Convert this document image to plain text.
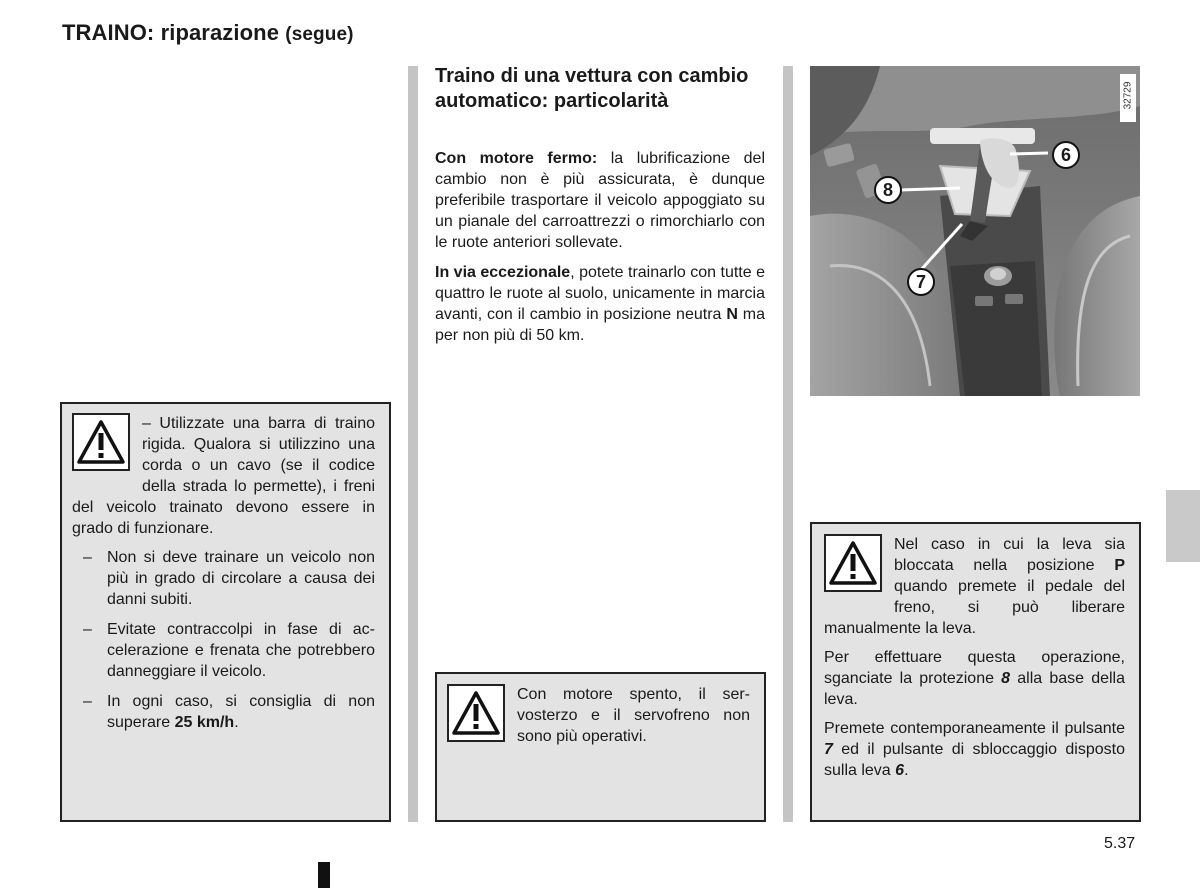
TRAINO: riparazione (segue)

– Utilizzate una barra di traino rigida. Qualora si utilizzino una corda o un cavo (se il codice della strada lo permette), i freni del veicolo trainato devono essere in grado di funzionare.

– Non si deve trainare un veicolo non più in grado di circolare a causa dei danni subiti.
– Evitate contraccolpi in fase di accelerazione e frenata che potrebbero danneggiare il veicolo.
– In ogni caso, si consiglia di non superare 25 km/h.
Traino di una vettura con cambio automatico: particolarità

Con motore fermo: la lubrificazione del cambio non è più assicurata, è dunque preferibile trasportare il veicolo appoggiato su un pianale del carroattrezzi o rimorchiarlo con le ruote anteriori sollevate.

In via eccezionale, potete trainarlo con tutte e quattro le ruote al suolo, unicamente in marcia avanti, con il cambio in posizione neutra N ma per non più di 50 km.

Con motore spento, il servosterzo e il servofreno non sono più operativi.
32729
6
8
7

Nel caso in cui la leva sia bloccata nella posizione P quando premete il pedale del freno, si può liberare manualmente la leva.

Per effettuare questa operazione, sganciate la protezione 8 alla base della leva.

Premete contemporaneamente il pulsante 7 ed il pulsante di sbloccaggio disposto sulla leva 6.

5.37
